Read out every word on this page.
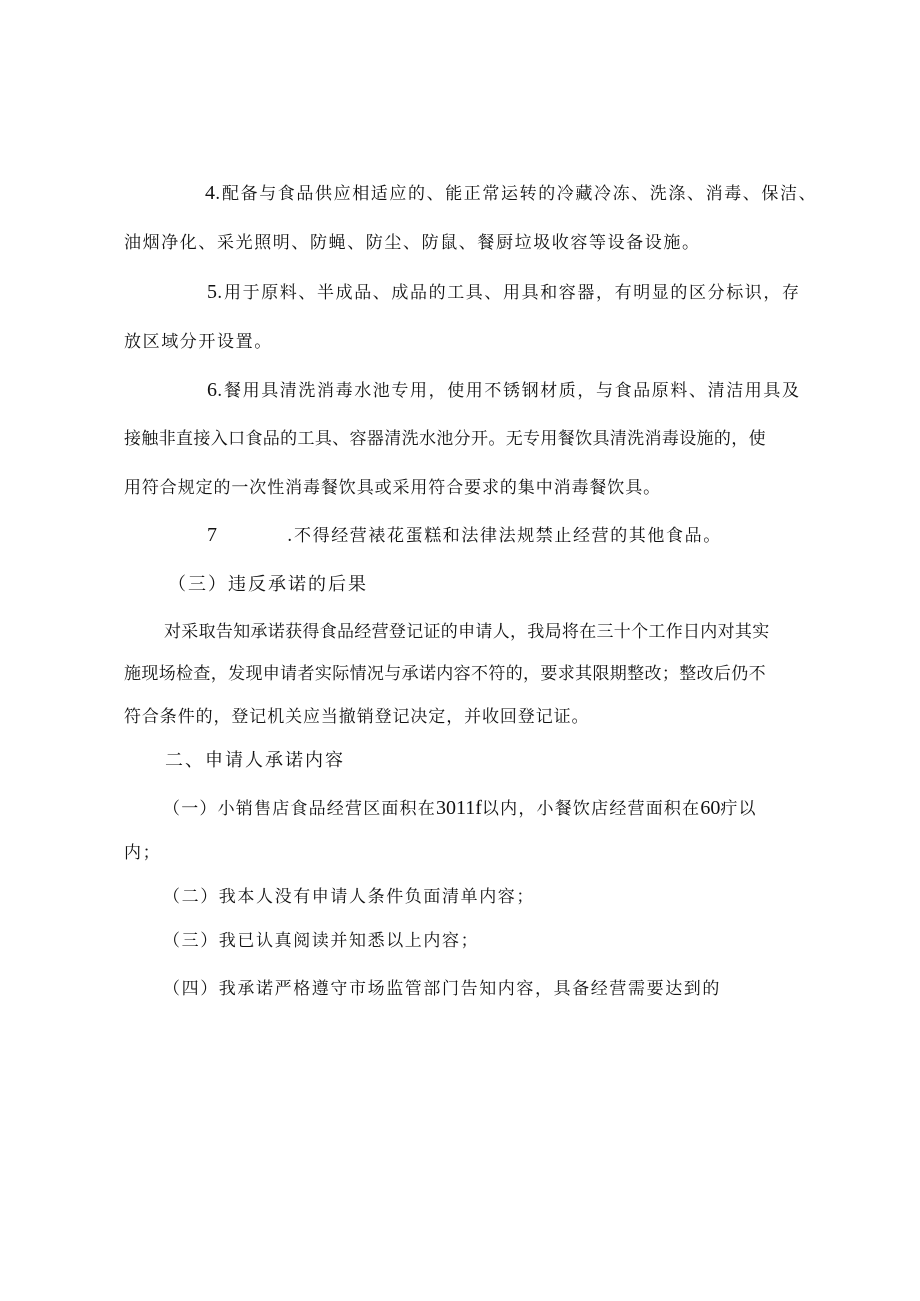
4.配备与食品供应相适应的、能正常运转的冷藏冷冻、洗涤、消毒、保洁、
油烟净化、采光照明、防蝇、防尘、防鼠、餐厨垃圾收容等设备设施。
5.用于原料、半成品、成品的工具、用具和容器，有明显的区分标识，存
放区域分开设置。
6.餐用具清洗消毒水池专用，使用不锈钢材质，与食品原料、清洁用具及
接触非直接入口食品的工具、容器清洗水池分开。无专用餐饮具清洗消毒设施的，使
用符合规定的一次性消毒餐饮具或采用符合要求的集中消毒餐饮具。
7	.不得经营裱花蛋糕和法律法规禁止经营的其他食品。
（三）违反承诺的后果
对采取告知承诺获得食品经营登记证的申请人，我局将在三十个工作日内对其实
施现场检查，发现申请者实际情况与承诺内容不符的，要求其限期整改；整改后仍不
符合条件的，登记机关应当撤销登记决定，并收回登记证。
二、申请人承诺内容
（一）小销售店食品经营区面积在3011f以内，小餐饮店经营面积在60疔以
内；
（二）我本人没有申请人条件负面清单内容；
（三）我已认真阅读并知悉以上内容；
（四）我承诺严格遵守市场监管部门告知内容，具备经营需要达到的
